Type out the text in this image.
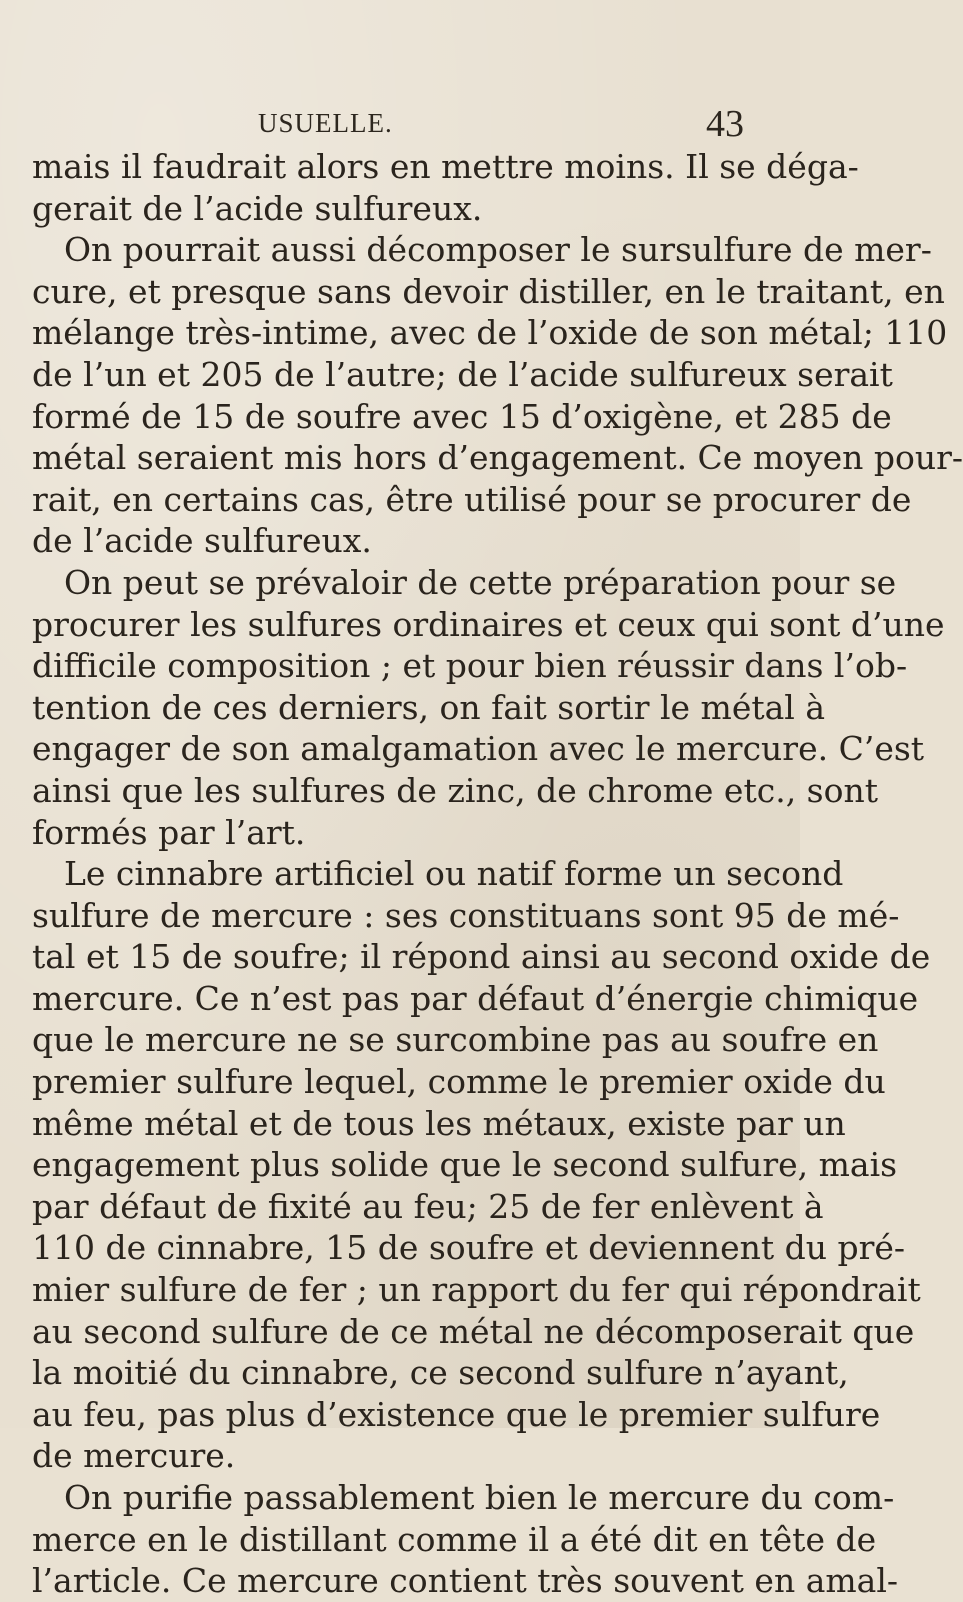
USUELLE.	43
mais il faudrait alors en mettre moins. Il se déga-
gerait de l’acide sulfureux.
On pourrait aussi décomposer le sursulfure de mer-
cure, et presque sans devoir distiller, en le traitant, en
mélange très-intime, avec de l’oxide de son métal; 110
de l’un et 205 de l’autre; de l’acide sulfureux serait
formé de 15 de soufre avec 15 d’oxigène, et 285 de
métal seraient mis hors d’engagement. Ce moyen pour-
rait, en certains cas, être utilisé pour se procurer de
de l’acide sulfureux.
On peut se prévaloir de cette préparation pour se
procurer les sulfures ordinaires et ceux qui sont d’une
difficile composition ; et pour bien réussir dans l’ob-
tention de ces derniers, on fait sortir le métal à
engager de son amalgamation avec le mercure. C’est
ainsi que les sulfures de zinc, de chrome etc., sont
formés par l’art.
Le cinnabre artificiel ou natif forme un second
sulfure de mercure : ses constituans sont 95 de mé-
tal et 15 de soufre; il répond ainsi au second oxide de
mercure. Ce n’est pas par défaut d’énergie chimique
que le mercure ne se surcombine pas au soufre en
premier sulfure lequel, comme le premier oxide du
même métal et de tous les métaux, existe par un
engagement plus solide que le second sulfure, mais
par défaut de fixité au feu; 25 de fer enlèvent à
110 de cinnabre, 15 de soufre et deviennent du pré-
mier sulfure de fer ; un rapport du fer qui répondrait
au second sulfure de ce métal ne décomposerait que
la moitié du cinnabre, ce second sulfure n’ayant,
au feu, pas plus d’existence que le premier sulfure
de mercure.
On purifie passablement bien le mercure du com-
merce en le distillant comme il a été dit en tête de
l’article. Ce mercure contient très souvent en amal-
